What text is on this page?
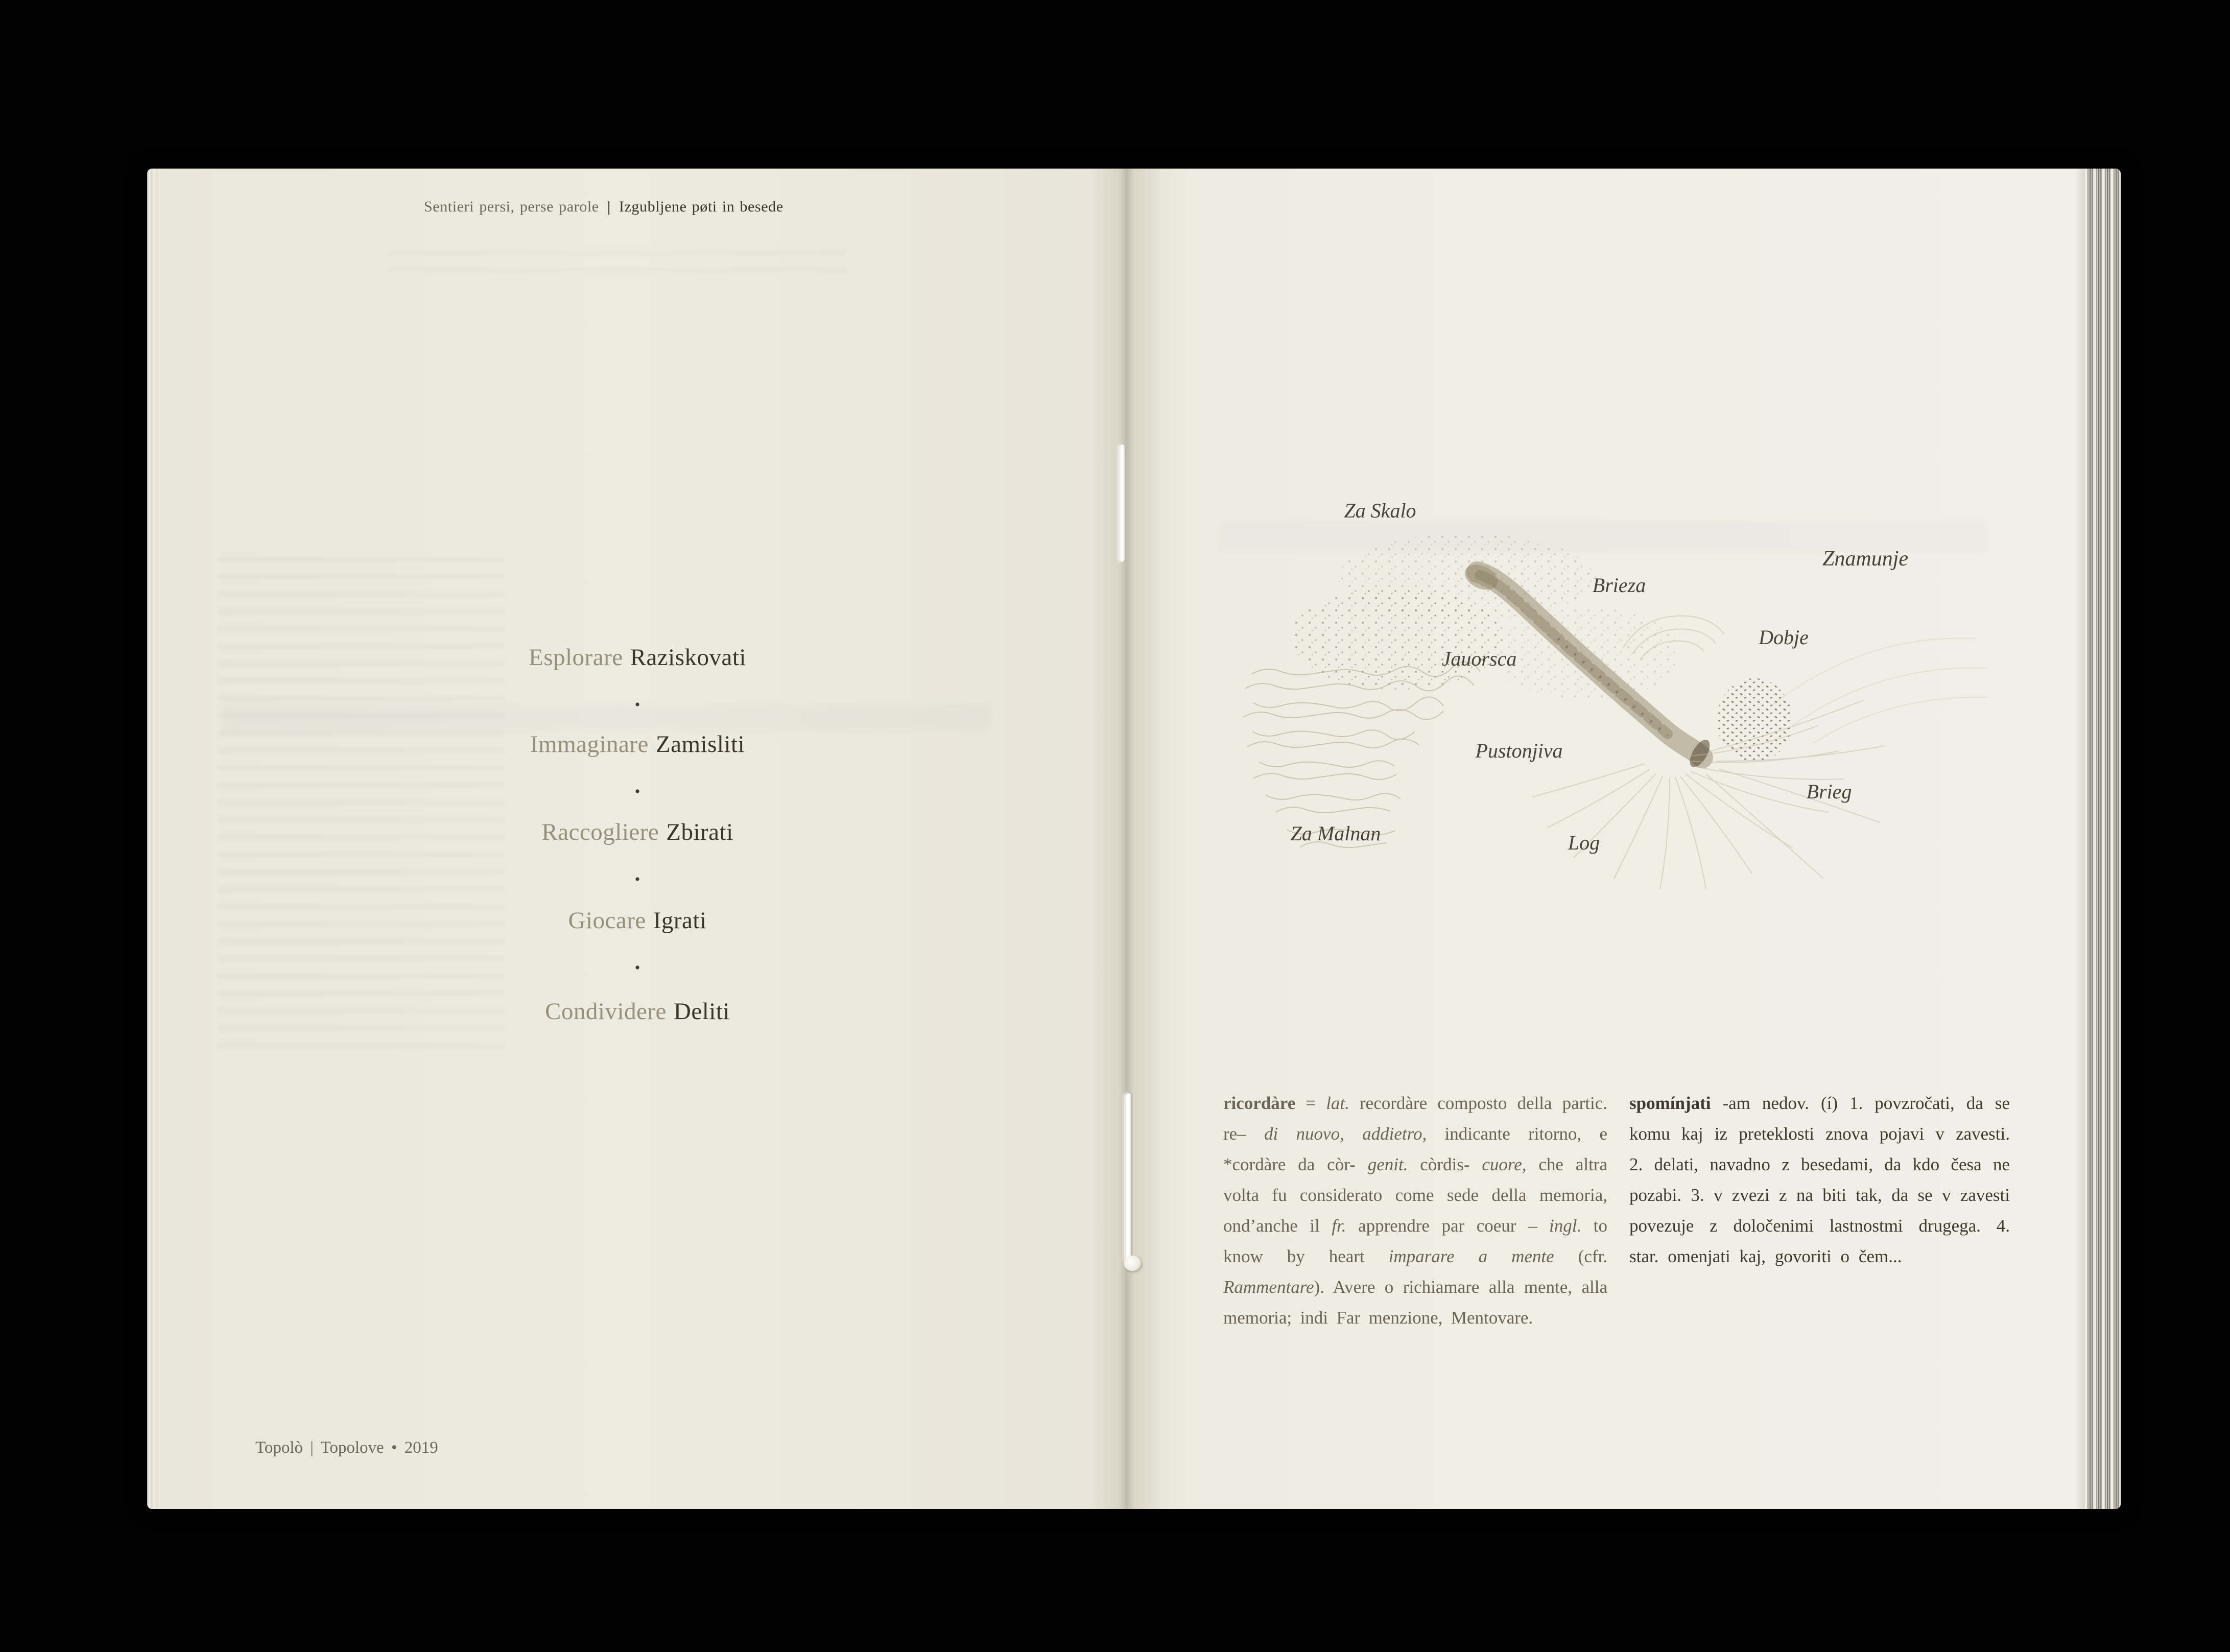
Sentieri persi, perse parole | Izgubljene pøti in besede
Esplorare Raziskovati
•
Immaginare Zamisliti
•
Raccogliere Zbirati
•
Giocare Igrati
•
Condividere Deliti
Topolò | Topolove • 2019
Za Skalo
Brieza
Znamunje
Jauorsca
Dobje
Pustonjiva
Brieg
Za Malnan	Log
ricordàre = lat. recordàre composto della partic. re– di nuovo, addietro, indicante ritorno, e *cordàre da còr- genit. còrdis- cuore, che altra volta fu considerato come sede della memoria, ond’anche il fr. apprendre par coeur – ingl. to know by heart imparare a mente (cfr. Rammentare). Avere o richiamare alla mente, alla memoria; indi Far menzione, Mentovare.
spomínjati -am nedov. (í) 1. povzročati, da se komu kaj iz preteklosti znova pojavi v zavesti. 2. delati, navadno z besedami, da kdo česa ne pozabi. 3. v zvezi z na biti tak, da se v zavesti povezuje z določenimi lastnostmi drugega. 4. star. omenjati kaj, govoriti o čem...
